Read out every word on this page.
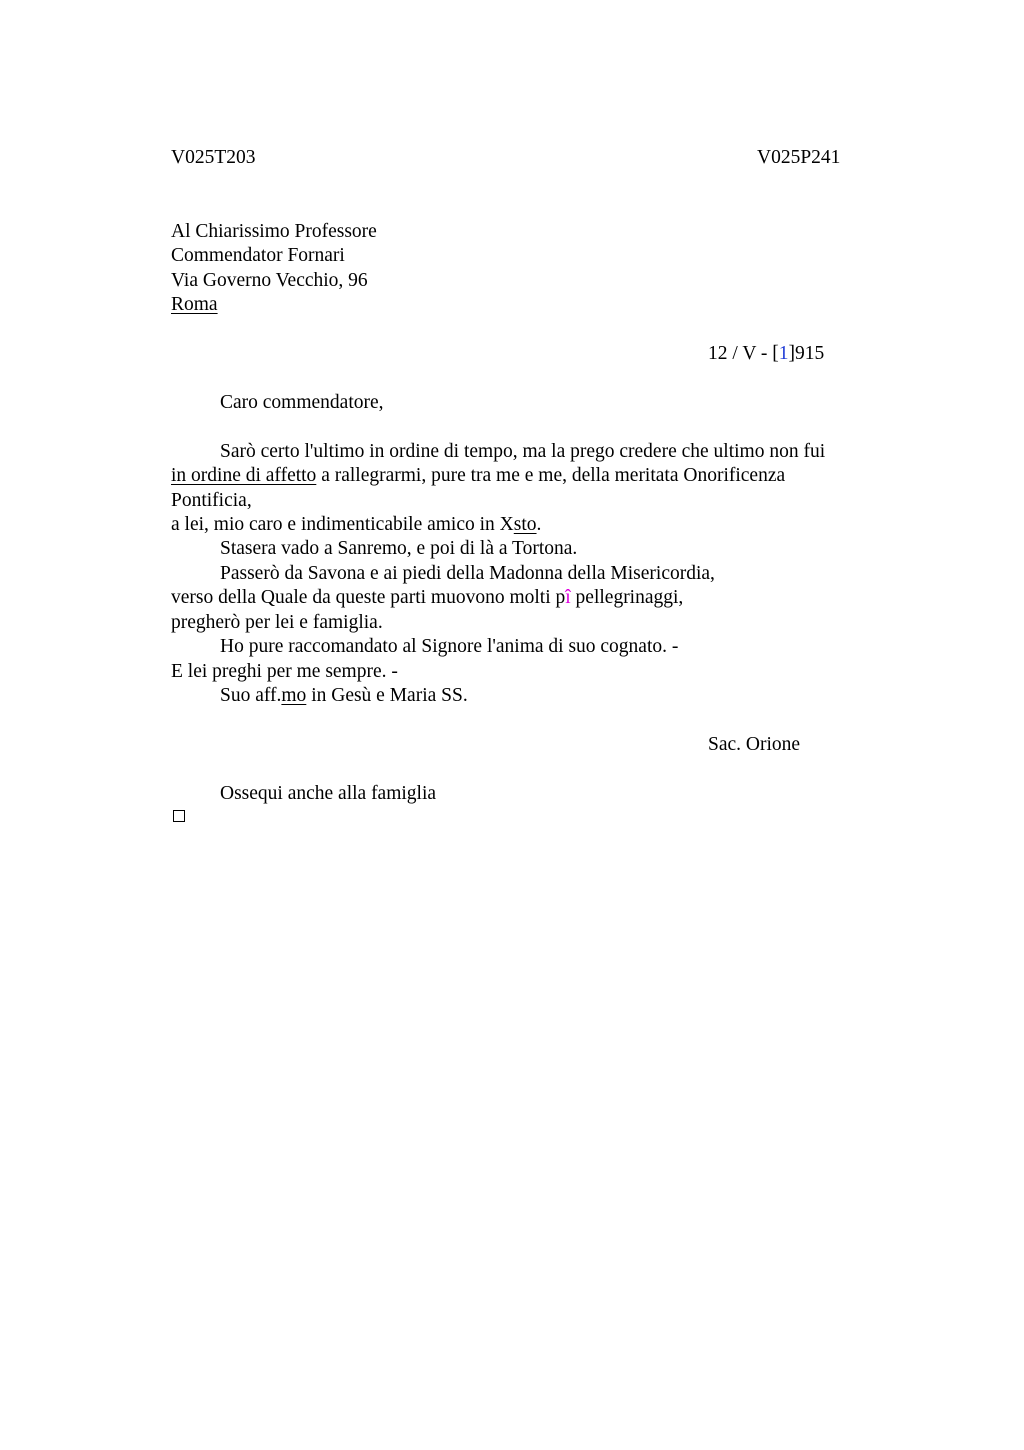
V025T203	V025P241
Al Chiarissimo Professore
Commendator Fornari
Via Governo Vecchio, 96
Roma
12 / V - [1]915
Caro commendatore,
Sarò certo l'ultimo in ordine di tempo, ma la prego credere che ultimo non fui
in ordine di affetto a rallegrarmi, pure tra me e me, della meritata Onorificenza
Pontificia,
a lei, mio caro e indimenticabile amico in Xsto.
Stasera vado a Sanremo, e poi di là a Tortona.
Passerò da Savona e ai piedi della Madonna della Misericordia,
verso della Quale da queste parti muovono molti pî pellegrinaggi,
pregherò per lei e famiglia.
Ho pure raccomandato al Signore l'anima di suo cognato. -
E lei preghi per me sempre. -
Suo aff.mo in Gesù e Maria SS.
Sac. Orione
Ossequi anche alla famiglia
